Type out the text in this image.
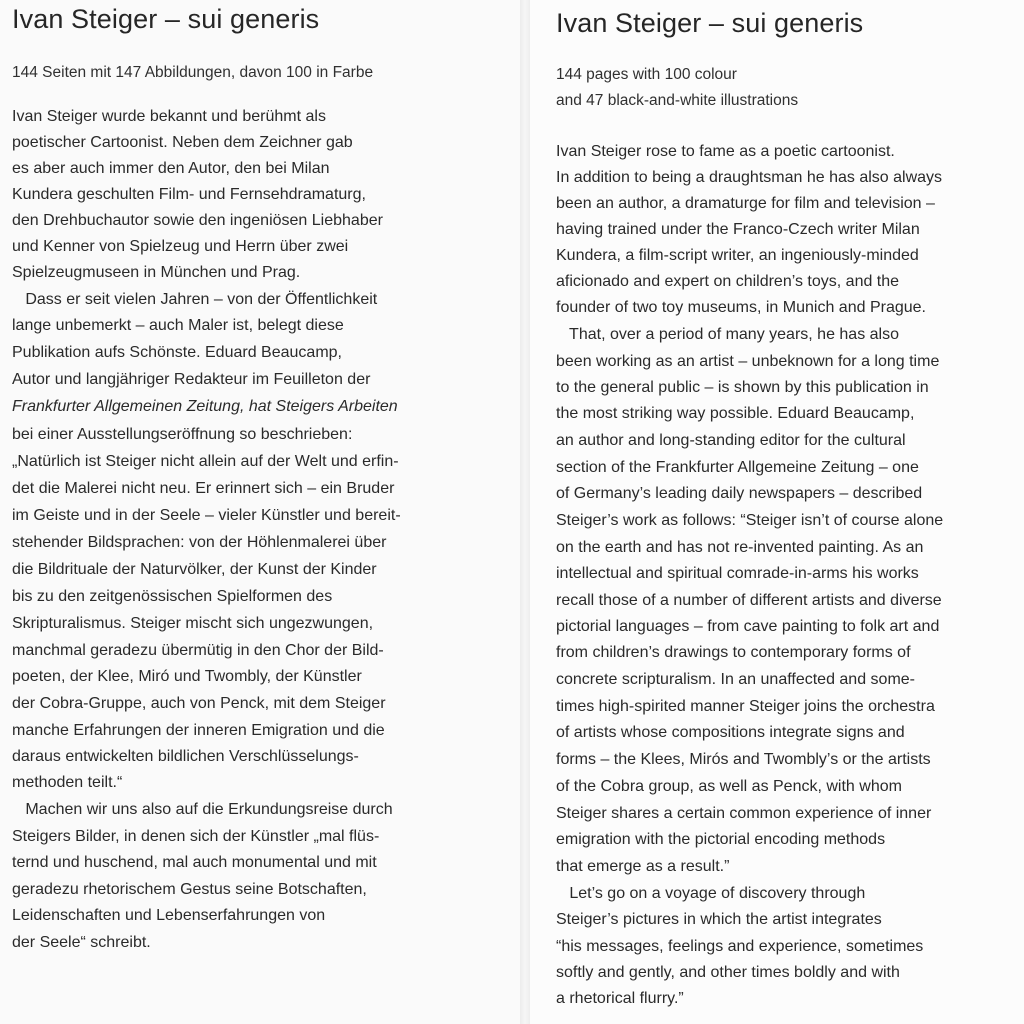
Ivan Steiger – sui generis
144 Seiten mit 147 Abbildungen, davon 100 in Farbe
Ivan Steiger wurde bekannt und berühmt als
poetischer Cartoonist. Neben dem Zeichner gab
es aber auch immer den Autor, den bei Milan
Kundera geschulten Film- und Fernsehdramaturg,
den Drehbuchautor sowie den ingeniösen Liebhaber
und Kenner von Spielzeug und Herrn über zwei
Spielzeugmuseen in München und Prag.
Dass er seit vielen Jahren – von der Öffentlichkeit
lange unbemerkt – auch Maler ist, belegt diese
Publikation aufs Schönste. Eduard Beaucamp,
Autor und langjähriger Redakteur im Feuilleton der
Frankfurter Allgemeinen Zeitung, hat Steigers Arbeiten
bei einer Ausstellungseröffnung so beschrieben:
„Natürlich ist Steiger nicht allein auf der Welt und erfin-
det die Malerei nicht neu. Er erinnert sich – ein Bruder
im Geiste und in der Seele – vieler Künstler und bereit-
stehender Bildsprachen: von der Höhlenmalerei über
die Bildrituale der Naturvölker, der Kunst der Kinder
bis zu den zeitgenössischen Spielformen des
Skripturalismus. Steiger mischt sich ungezwungen,
manchmal geradezu übermütig in den Chor der Bild-
poeten, der Klee, Miró und Twombly, der Künstler
der Cobra-Gruppe, auch von Penck, mit dem Steiger
manche Erfahrungen der inneren Emigration und die
daraus entwickelten bildlichen Verschlüsselungs-
methoden teilt.“
Machen wir uns also auf die Erkundungsreise durch
Steigers Bilder, in denen sich der Künstler „mal flüs-
ternd und huschend, mal auch monumental und mit
geradezu rhetorischem Gestus seine Botschaften,
Leidenschaften und Lebenserfahrungen von
der Seele“ schreibt.
Ivan Steiger – sui generis
144 pages with 100 colour
and 47 black-and-white illustrations
Ivan Steiger rose to fame as a poetic cartoonist.
In addition to being a draughtsman he has also always
been an author, a dramaturge for film and television –
having trained under the Franco-Czech writer Milan
Kundera, a film-script writer, an ingeniously-minded
aficionado and expert on children’s toys, and the
founder of two toy museums, in Munich and Prague.
That, over a period of many years, he has also
been working as an artist – unbeknown for a long time
to the general public – is shown by this publication in
the most striking way possible. Eduard Beaucamp,
an author and long-standing editor for the cultural
section of the Frankfurter Allgemeine Zeitung – one
of Germany’s leading daily newspapers – described
Steiger’s work as follows: “Steiger isn’t of course alone
on the earth and has not re-invented painting. As an
intellectual and spiritual comrade-in-arms his works
recall those of a number of different artists and diverse
pictorial languages – from cave painting to folk art and
from children’s drawings to contemporary forms of
concrete scripturalism. In an unaffected and some-
times high-spirited manner Steiger joins the orchestra
of artists whose compositions integrate signs and
forms – the Klees, Mirós and Twombly’s or the artists
of the Cobra group, as well as Penck, with whom
Steiger shares a certain common experience of inner
emigration with the pictorial encoding methods
that emerge as a result.”
Let’s go on a voyage of discovery through
Steiger’s pictures in which the artist integrates
“his messages, feelings and experience, sometimes
softly and gently, and other times boldly and with
a rhetorical flurry.”
